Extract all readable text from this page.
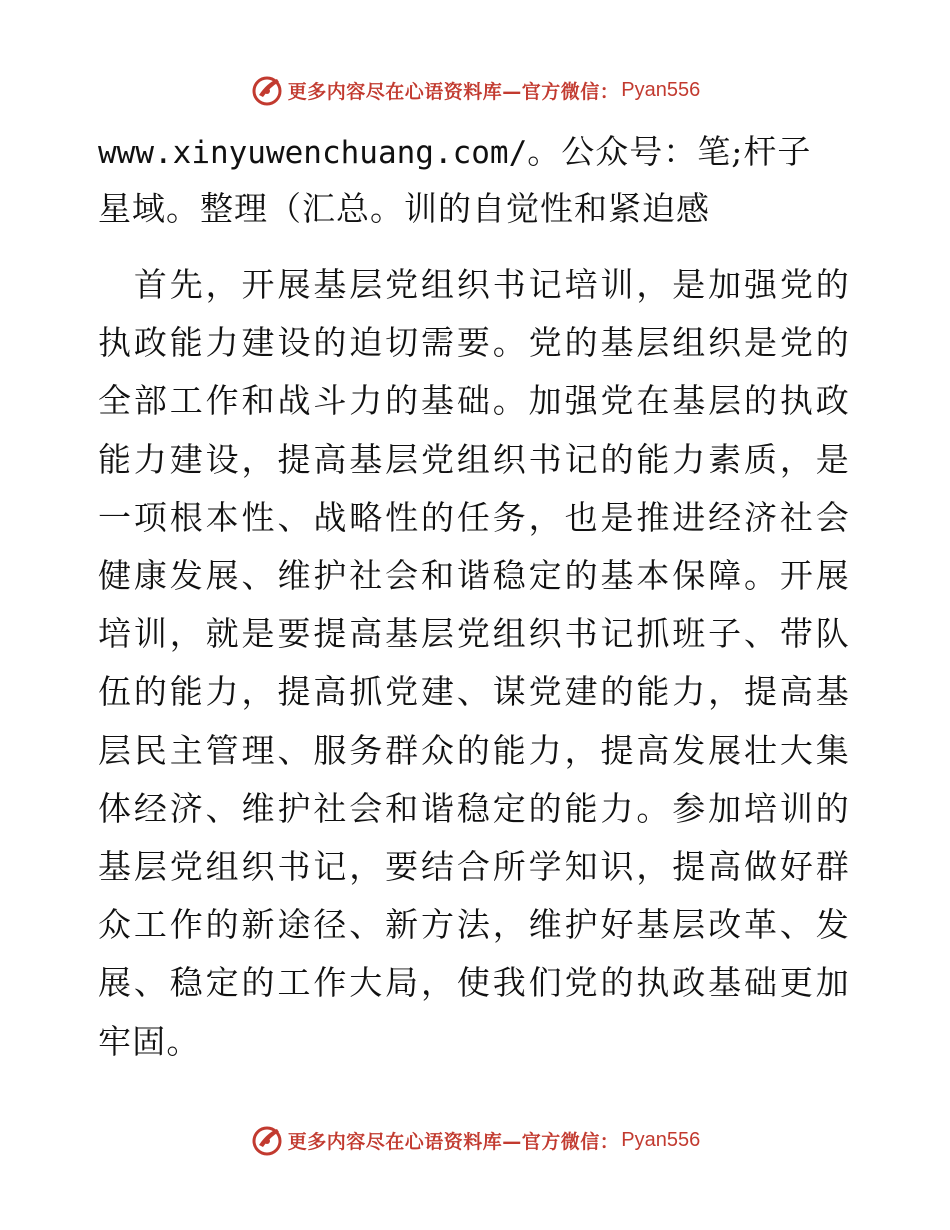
更多内容尽在心语资料库—官方微信： Pyan556
www.xinyuwenchuang.com/。公众号：笔;杆子星域。整理（汇总。训的自觉性和紧迫感
 首先，开展基层党组织书记培训，是加强党的执政能力建设的迫切需要。党的基层组织是党的全部工作和战斗力的基础。加强党在基层的执政能力建设，提高基层党组织书记的能力素质，是一项根本性、战略性的任务，也是推进经济社会健康发展、维护社会和谐稳定的基本保障。开展培训，就是要提高基层党组织书记抓班子、带队伍的能力，提高抓党建、谋党建的能力，提高基层民主管理、服务群众的能力，提高发展壮大集体经济、维护社会和谐稳定的能力。参加培训的基层党组织书记，要结合所学知识，提高做好群众工作的新途径、新方法，维护好基层改革、发展、稳定的工作大局，使我们党的执政基础更加牢固。
更多内容尽在心语资料库—官方微信： Pyan556
